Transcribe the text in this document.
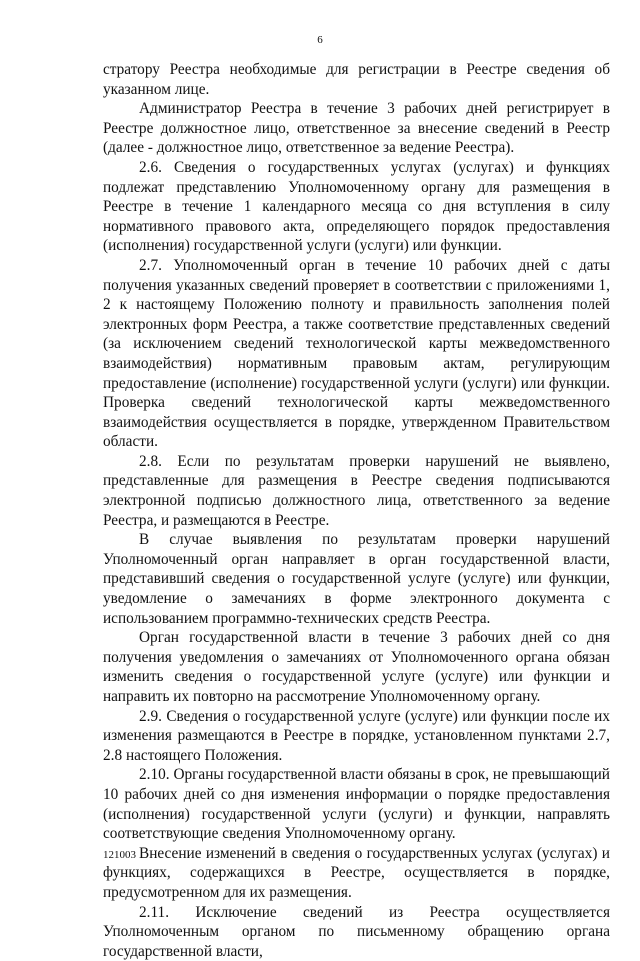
6

стратору Реестра необходимые для регистрации в Реестре сведения об указанном лице.

Администратор Реестра в течение 3 рабочих дней регистрирует в Реестре должностное лицо, ответственное за внесение сведений в Реестр (далее - должностное лицо, ответственное за ведение Реестра).

2.6. Сведения о государственных услугах (услугах) и функциях подлежат представлению Уполномоченному органу для размещения в Реестре в течение 1 календарного месяца со дня вступления в силу нормативного правового акта, определяющего порядок предоставления (исполнения) государственной услуги (услуги) или функции.

2.7. Уполномоченный орган в течение 10 рабочих дней с даты получения указанных сведений проверяет в соответствии с приложениями 1, 2 к настоящему Положению полноту и правильность заполнения полей электронных форм Реестра, а также соответствие представленных сведений (за исключением сведений технологической карты межведомственного взаимодействия) нормативным правовым актам, регулирующим предоставление (исполнение) государственной услуги (услуги) или функции. Проверка сведений технологической карты межведомственного взаимодействия осуществляется в порядке, утвержденном Правительством области.

2.8. Если по результатам проверки нарушений не выявлено, представленные для размещения в Реестре сведения подписываются электронной подписью должностного лица, ответственного за ведение Реестра, и размещаются в Реестре.

В случае выявления по результатам проверки нарушений Уполномоченный орган направляет в орган государственной власти, представивший сведения о государственной услуге (услуге) или функции, уведомление о замечаниях в форме электронного документа с использованием программно-технических средств Реестра.

Орган государственной власти в течение 3 рабочих дней со дня получения уведомления о замечаниях от Уполномоченного органа обязан изменить сведения о государственной услуге (услуге) или функции и направить их повторно на рассмотрение Уполномоченному органу.

2.9. Сведения о государственной услуге (услуге) или функции после их изменения размещаются в Реестре в порядке, установленном пунктами 2.7, 2.8 настоящего Положения.

2.10. Органы государственной власти обязаны в срок, не превышающий 10 рабочих дней со дня изменения информации о порядке предоставления (исполнения) государственной услуги (услуги) и функции, направлять соответствующие сведения Уполномоченному органу.

Внесение изменений в сведения о государственных услугах (услугах) и функциях, содержащихся в Реестре, осуществляется в порядке, предусмотренном для их размещения.

2.11. Исключение сведений из Реестра осуществляется Уполномоченным органом по письменному обращению органа государственной власти,

121003
